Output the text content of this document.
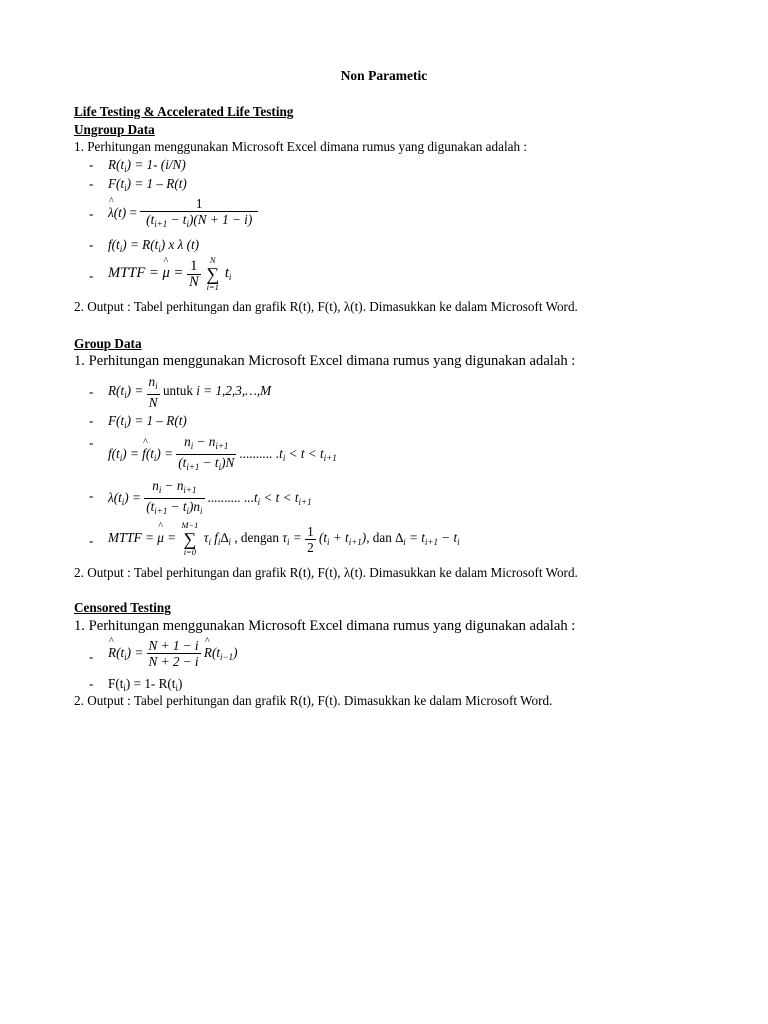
Non Parametic
Life Testing & Accelerated Life Testing
Ungroup Data
1. Perhitungan menggunakan Microsoft Excel dimana rumus yang digunakan adalah :
- $R(t_i) = 1-$ (i/N)
- $F(t_i) = 1 - R(t)$
- ^ $\lambda(t) = \frac{1}{(t_{i+1} - t_i)(N + 1 - i)}$
- $f(t_i) = R(t_i)$ x λ (t)
- MTTF = ^ $\mu = \frac{1}{N}$
	N
∑
i=1
$t_i$
2. Output : Tabel perhitungan dan grafik R(t), F(t), λ(t). Dimasukkan ke dalam Microsoft Word.
Group Data
1. Perhitungan menggunakan Microsoft Excel dimana rumus yang digunakan adalah :
- $R(t_i) = \frac{n_i}{N}$ untuk i = 1,2,3,…,M
- $F(t_i) = 1 - R(t)$
-
$f(t_i)$ = ^ $f(t_i) = \frac{n_i - n_{i+1}}{(t_{i+1} - t_i)N}$ .......... $.t_i < t < t_{i+1}$
- $\lambda(t_i) = \frac{n_i - n_{i+1}}{(t_{i+1} - t_i)n_i}$ .......... $...t_i < t < t_{i+1}$
- MTTF = ^ μ =
M−1
∑
i=0
$\tau_i$ $f_i\Delta_i$ , dengan $\tau_i = \frac{1}{2} (t_i + t_{i+1})$, dan $\Delta_i = t_{i+1} - t_i$
2. Output : Tabel perhitungan dan grafik R(t), F(t), λ(t). Dimasukkan ke dalam Microsoft Word.
Censored Testing
1. Perhitungan menggunakan Microsoft Excel dimana rumus yang digunakan adalah :
- ^ $R(t_i) = \frac{N + 1 - i}{N + 2 - i}$ ^ $R(t_{i-1})$
- $F(t_i) = 1-$ $R(t_i)$
2. Output : Tabel perhitungan dan grafik R(t), F(t). Dimasukkan ke dalam Microsoft Word.
